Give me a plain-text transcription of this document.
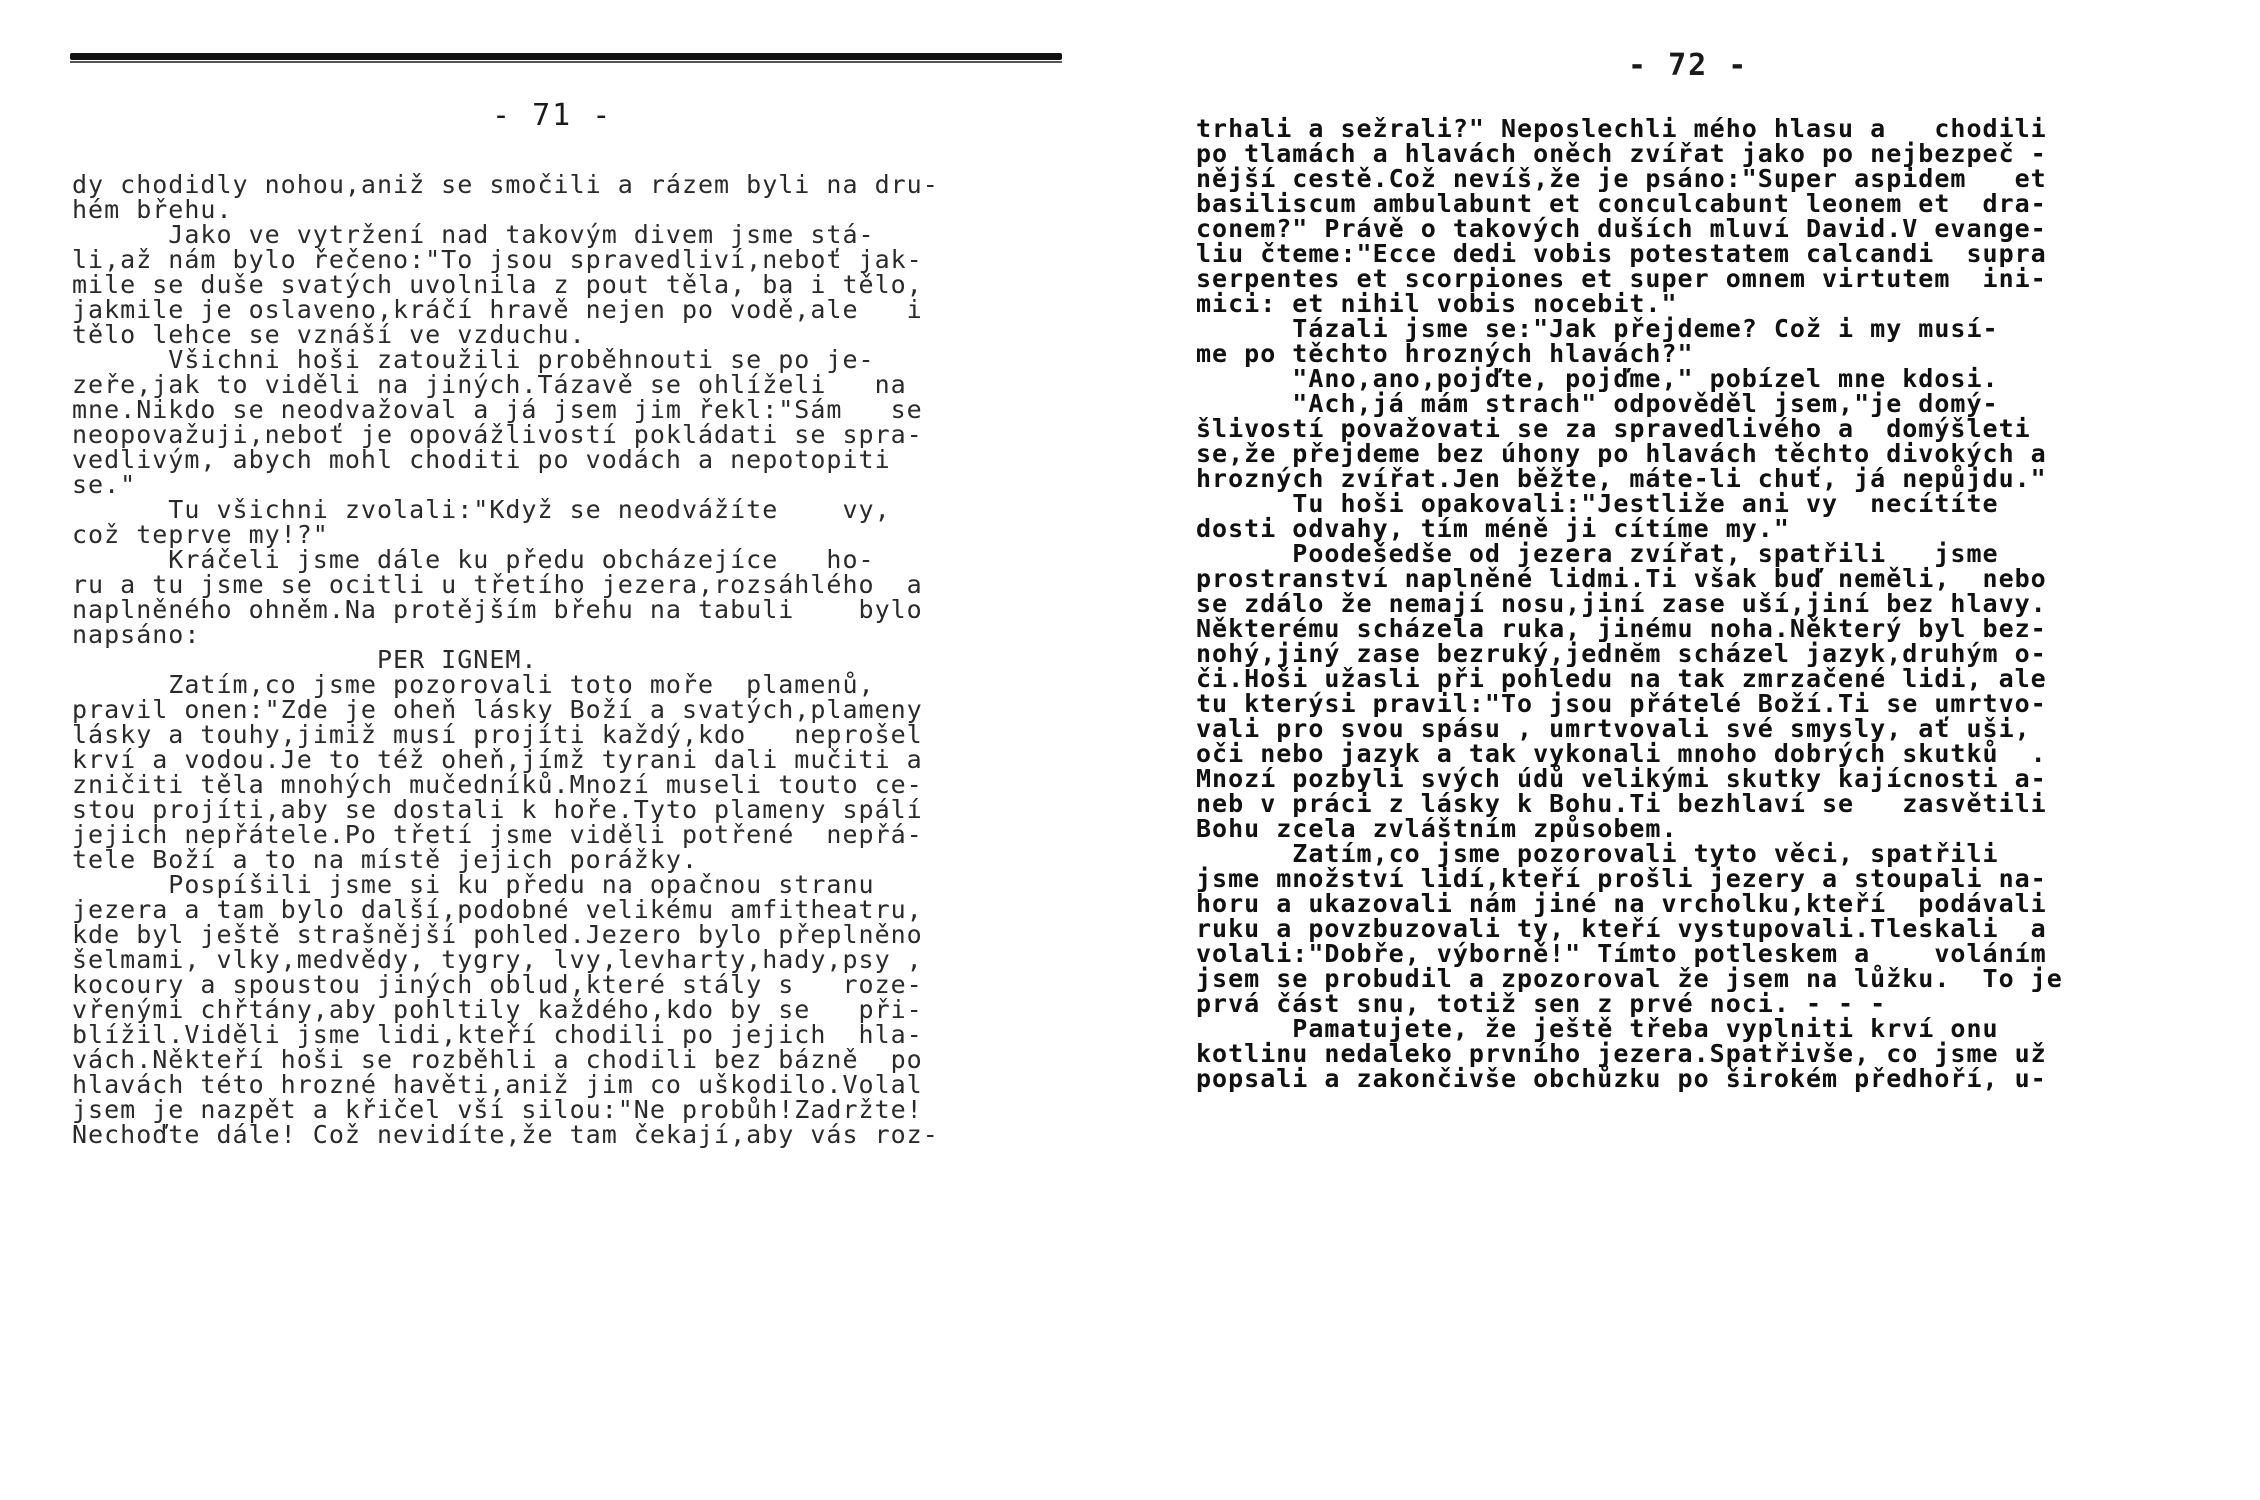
- 71 -
dy chodidly nohou,aniž se smočili a rázem byli na dru-
hém břehu.
Jako ve vytržení nad takovým divem jsme stá-
li,až nám bylo řečeno:"To jsou spravedliví,neboť jak-
mile se duše svatých uvolnila z pout těla, ba i tělo,
jakmile je oslaveno,kráčí hravě nejen po vodě,ale   i
tělo lehce se vznáší ve vzduchu.
Všichni hoši zatoužili proběhnouti se po je-
zeře,jak to viděli na jiných.Tázavě se ohlíželi   na
mne.Nikdo se neodvažoval a já jsem jim řekl:"Sám   se
neopovažuji,neboť je opovážlivostí pokládati se spra-
vedlivým, abych mohl choditi po vodách a nepotopiti
se."
Tu všichni zvolali:"Když se neodvážíte    vy,
což teprve my!?"
Kráčeli jsme dále ku předu obcházejíce   ho-
ru a tu jsme se ocitli u třetího jezera,rozsáhlého  a
naplněného ohněm.Na protějším břehu na tabuli    bylo
napsáno:
PER IGNEM.
Zatím,co jsme pozorovali toto moře  plamenů,
pravil onen:"Zde je oheň lásky Boží a svatých,plameny
lásky a touhy,jimiž musí projíti každý,kdo   neprošel
krví a vodou.Je to též oheň,jímž tyrani dali mučiti a
zničiti těla mnohých mučedníků.Mnozí museli touto ce-
stou projíti,aby se dostali k hoře.Tyto plameny spálí
jejich nepřátele.Po třetí jsme viděli potřené  nepřá-
tele Boží a to na místě jejich porážky.
Pospíšili jsme si ku předu na opačnou stranu
jezera a tam bylo další,podobné velikému amfitheatru,
kde byl ještě strašnější pohled.Jezero bylo přeplněno
šelmami, vlky,medvědy, tygry, lvy,levharty,hady,psy ,
kocoury a spoustou jiných oblud,které stály s   roze-
vřenými chřtány,aby pohltily každého,kdo by se   při-
blížil.Viděli jsme lidi,kteří chodili po jejich  hla-
vách.Někteří hoši se rozběhli a chodili bez bázně  po
hlavách této hrozné havěti,aniž jim co uškodilo.Volal
jsem je nazpět a křičel vší silou:"Ne probůh!Zadržte!
Nechoďte dále! Což nevidíte,že tam čekají,aby vás roz-
- 72 -
trhali a sežrali?" Neposlechli mého hlasu a   chodili
po tlamách a hlavách oněch zvířat jako po nejbezpeč -
nější cestě.Což nevíš,že je psáno:"Super aspidem   et
basiliscum ambulabunt et conculcabunt leonem et  dra-
conem?" Právě o takových duších mluví David.V evange-
liu čteme:"Ecce dedi vobis potestatem calcandi  supra
serpentes et scorpiones et super omnem virtutem  ini-
mici: et nihil vobis nocebit."
Tázali jsme se:"Jak přejdeme? Což i my musí-
me po těchto hrozných hlavách?"
"Ano,ano,pojďte, pojďme," pobízel mne kdosi.
"Ach,já mám strach" odpověděl jsem,"je domý-
šlivostí považovati se za spravedlivého a  domýšleti
se,že přejdeme bez úhony po hlavách těchto divokých a
hrozných zvířat.Jen běžte, máte-li chuť, já nepůjdu."
Tu hoši opakovali:"Jestliže ani vy  necítíte
dosti odvahy, tím méně ji cítíme my."
Poodešedše od jezera zvířat, spatřili   jsme
prostranství naplněné lidmi.Ti však buď neměli,  nebo
se zdálo že nemají nosu,jiní zase uší,jiní bez hlavy.
Některému scházela ruka, jinému noha.Některý byl bez-
nohý,jiný zase bezruký,jednĕm scházel jazyk,druhým o-
či.Hoši užasli při pohledu na tak zmrzačené lidi, ale
tu kterýsi pravil:"To jsou přátelé Boží.Ti se umrtvo-
vali pro svou spásu , umrtvovali své smysly, ať uši,
oči nebo jazyk a tak vykonali mnoho dobrých skutků  .
Mnozí pozbyli svých údů velikými skutky kajícnosti a-
neb v práci z lásky k Bohu.Ti bezhlaví se   zasvětili
Bohu zcela zvláštním způsobem.
Zatím,co jsme pozorovali tyto věci, spatřili
jsme množství lidí,kteří prošli jezery a stoupali na-
horu a ukazovali nám jiné na vrcholku,kteří  podávali
ruku a povzbuzovali ty, kteří vystupovali.Tleskali  a
volali:"Dobře, výborně!" Tímto potleskem a    voláním
jsem se probudil a zpozoroval že jsem na lůžku.  To je
prvá část snu, totiž sen z prvé noci. - - -
Pamatujete, že ještě třeba vyplniti krví onu
kotlinu nedaleko prvního jezera.Spatřivše, co jsme už
popsali a zakončivše obchůzku po širokém předhoří, u-
